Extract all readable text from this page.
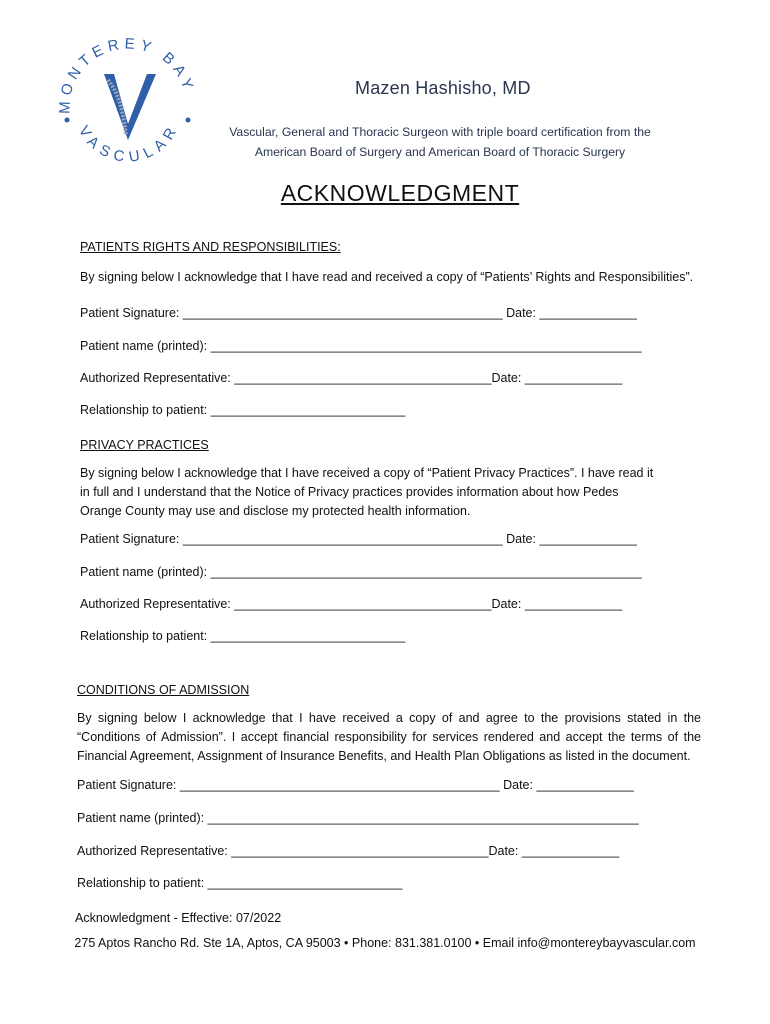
MONTEREY BAY
VASCULAR
Mazen Hashisho, MD
Vascular, General and Thoracic Surgeon with triple board certification from the
American Board of Surgery and American Board of Thoracic Surgery
ACKNOWLEDGMENT
PATIENTS RIGHTS AND RESPONSIBILITIES:
By signing below I acknowledge that I have read and received a copy of “Patients’ Rights and Responsibilities”.
Patient Signature: ______________________________________________ Date: ______________
Patient name (printed): ______________________________________________________________
Authorized Representative: _____________________________________Date: ______________
Relationship to patient: ____________________________
PRIVACY PRACTICES
By signing below I acknowledge that I have received a copy of “Patient Privacy Practices”. I have read it
in full and I understand that the Notice of Privacy practices provides information about how Pedes
Orange County may use and disclose my protected health information.
Patient Signature: ______________________________________________ Date: ______________
Patient name (printed): ______________________________________________________________
Authorized Representative: _____________________________________Date: ______________
Relationship to patient: ____________________________
CONDITIONS OF ADMISSION
By signing below I acknowledge that I have received a copy of and agree to the provisions stated in the
“Conditions of Admission”. I accept financial responsibility for services rendered and accept the terms of the
Financial Agreement, Assignment of Insurance Benefits, and Health Plan Obligations as listed in the document.
Patient Signature: ______________________________________________ Date: ______________
Patient name (printed): ______________________________________________________________
Authorized Representative: _____________________________________Date: ______________
Relationship to patient: ____________________________
Acknowledgment - Effective: 07/2022
275 Aptos Rancho Rd. Ste 1A, Aptos, CA 95003 • Phone: 831.381.0100 • Email info@montereybayvascular.com
